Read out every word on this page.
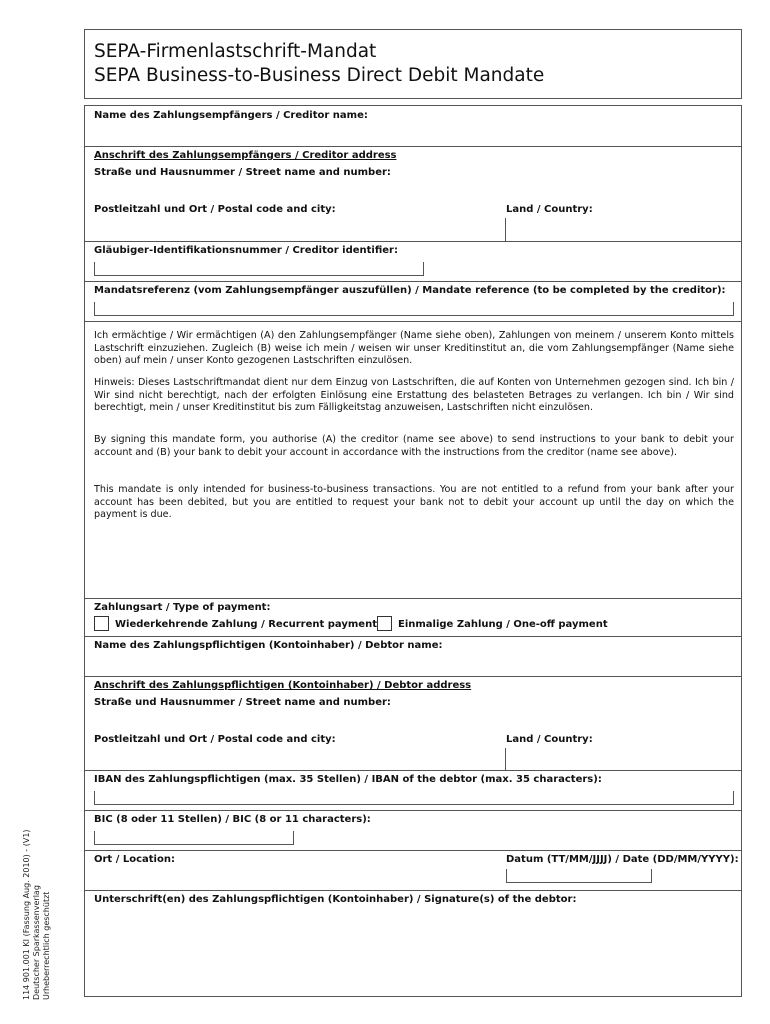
SEPA-Firmenlastschrift-Mandat
SEPA Business-to-Business Direct Debit Mandate
Name des Zahlungsempfängers / Creditor name:
Anschrift des Zahlungsempfängers / Creditor address
Straße und Hausnummer / Street name and number:
Postleitzahl und Ort / Postal code and city:	Land / Country:
Gläubiger-Identifikationsnummer / Creditor identifier:
Mandatsreferenz (vom Zahlungsempfänger auszufüllen) / Mandate reference (to be completed by the creditor):
Ich ermächtige / Wir ermächtigen (A) den Zahlungsempfänger (Name siehe oben), Zahlungen von meinem / unserem Konto mittels Lastschrift einzuziehen. Zugleich (B) weise ich mein / weisen wir unser Kreditinstitut an, die vom Zahlungsempfänger (Name siehe oben) auf mein / unser Konto gezogenen Lastschriften einzulösen.
Hinweis: Dieses Lastschriftmandat dient nur dem Einzug von Lastschriften, die auf Konten von Unternehmen gezogen sind. Ich bin / Wir sind nicht berechtigt, nach der erfolgten Einlösung eine Erstattung des belasteten Betrages zu verlangen. Ich bin / Wir sind berechtigt, mein / unser Kreditinstitut bis zum Fälligkeitstag anzuweisen, Lastschriften nicht einzulösen.
By signing this mandate form, you authorise (A) the creditor (name see above) to send instructions to your bank to debit your account and (B) your bank to debit your account in accordance with the instructions from the creditor (name see above).
This mandate is only intended for business-to-business transactions. You are not entitled to a refund from your bank after your account has been debited, but you are entitled to request your bank not to debit your account up until the day on which the payment is due.
Zahlungsart / Type of payment:
Wiederkehrende Zahlung / Recurrent payment Einmalige Zahlung / One-off payment
Name des Zahlungspflichtigen (Kontoinhaber) / Debtor name:
Anschrift des Zahlungspflichtigen (Kontoinhaber) / Debtor address
Straße und Hausnummer / Street name and number:
Postleitzahl und Ort / Postal code and city:	Land / Country:
IBAN des Zahlungspflichtigen (max. 35 Stellen) / IBAN of the debtor (max. 35 characters):
BIC (8 oder 11 Stellen) / BIC (8 or 11 characters):
Ort / Location:	Datum (TT/MM/JJJJ) / Date (DD/MM/YYYY):
Unterschrift(en) des Zahlungspflichtigen (Kontoinhaber) / Signature(s) of the debtor:
114 901.001 KI (Fassung Aug. 2010) - (V1) Deutscher Sparkassenverlag Urheberrechtlich geschützt
